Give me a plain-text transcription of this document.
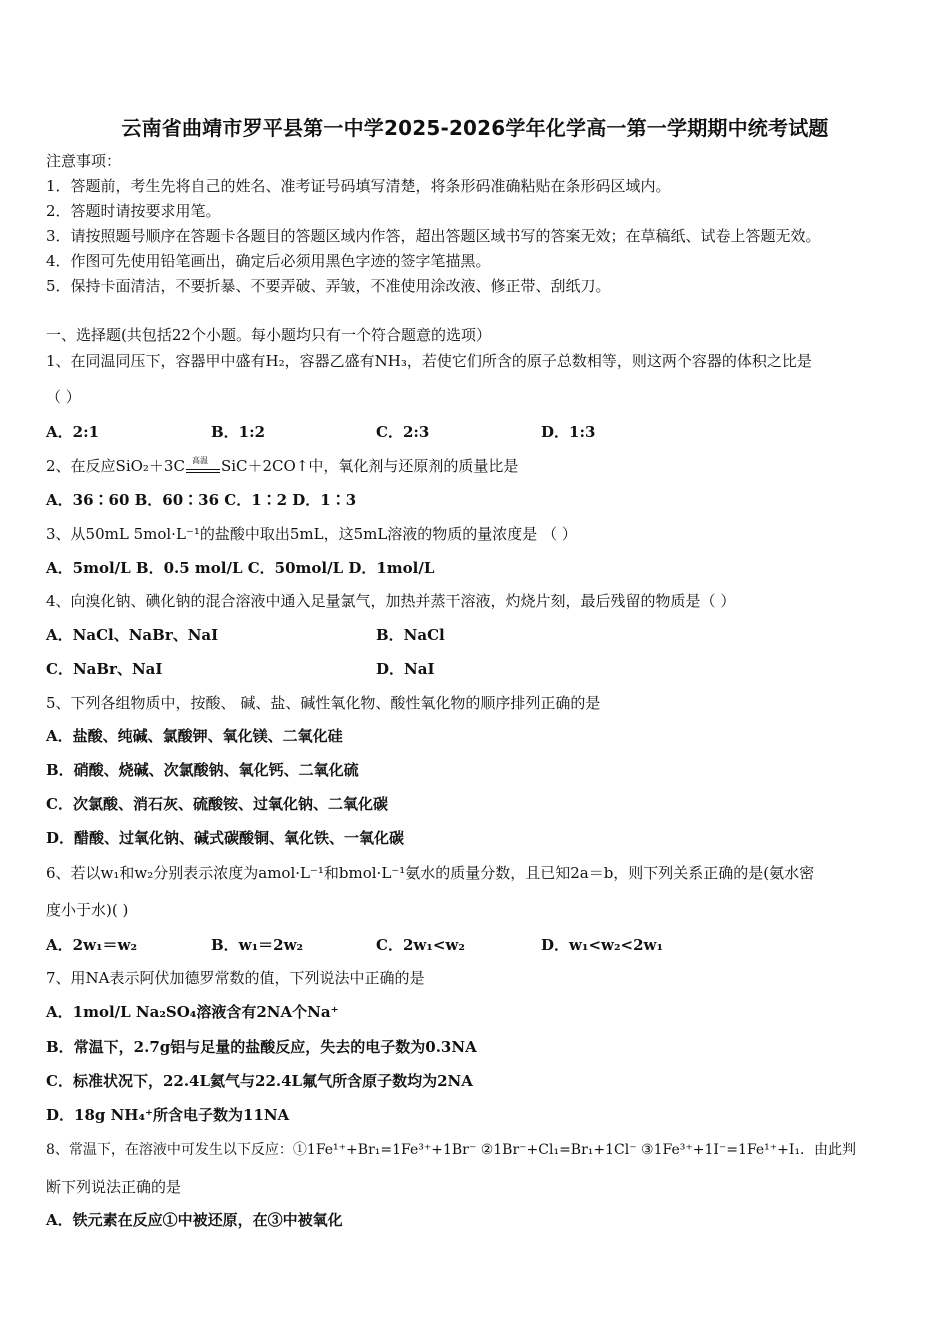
云南省曲靖市罗平县第一中学2025-2026学年化学高一第一学期期中统考试题
注意事项：
1．答题前，考生先将自己的姓名、准考证号码填写清楚，将条形码准确粘贴在条形码区域内。
2．答题时请按要求用笔。
3．请按照题号顺序在答题卡各题目的答题区域内作答，超出答题区域书写的答案无效；在草稿纸、试卷上答题无效。
4．作图可先使用铅笔画出，确定后必须用黑色字迹的签字笔描黑。
5．保持卡面清洁，不要折暴、不要弄破、弄皱，不准使用涂改液、修正带、刮纸刀。
一、选择题(共包括22个小题。每小题均只有一个符合题意的选项）
1、在同温同压下，容器甲中盛有H₂，容器乙盛有NH₃，若使它们所含的原子总数相等，则这两个容器的体积之比是
（ ）
A．2:1	B．1:2	C．2:3	D．1:3
2、在反应SiO₂＋3C 高温 SiC＋2CO↑中，氧化剂与还原剂的质量比是
A．36∶60 B．60∶36 C．1∶2 D．1∶3
3、从50mL 5mol·L⁻¹的盐酸中取出5mL，这5mL溶液的物质的量浓度是 （ ）
A．5mol/L B．0.5 mol/L C．50mol/L D．1mol/L
4、向溴化钠、碘化钠的混合溶液中通入足量氯气，加热并蒸干溶液，灼烧片刻，最后残留的物质是（ ）
A．NaCl、NaBr、NaI	B．NaCl
C．NaBr、NaI	D．NaI
5、下列各组物质中，按酸、 碱、盐、碱性氧化物、酸性氧化物的顺序排列正确的是
A．盐酸、纯碱、氯酸钾、氧化镁、二氧化硅
B．硝酸、烧碱、次氯酸钠、氧化钙、二氧化硫
C．次氯酸、消石灰、硫酸铵、过氧化钠、二氧化碳
D．醋酸、过氧化钠、碱式碳酸铜、氧化铁、一氧化碳
6、若以w₁和w₂分别表示浓度为amol·L⁻¹和bmol·L⁻¹氨水的质量分数，且已知2a＝b，则下列关系正确的是(氨水密
度小于水)( )
A．2w₁＝w₂	B．w₁＝2w₂	C．2w₁<w₂	D．w₁<w₂<2w₁
7、用NA表示阿伏加德罗常数的值，下列说法中正确的是
A．1mol/L Na₂SO₄溶液含有2NA个Na⁺
B．常温下，2.7g铝与足量的盐酸反应，失去的电子数为0.3NA
C．标准状况下，22.4L氦气与22.4L氟气所含原子数均为2NA
D．18g NH₄⁺所含电子数为11NA
8、常温下，在溶液中可发生以下反应：①1Fe¹⁺+Br₁=1Fe³⁺+1Br⁻ ②1Br⁻+Cl₁=Br₁+1Cl⁻ ③1Fe³⁺+1I⁻=1Fe¹⁺+I₁．由此判
断下列说法正确的是
A．铁元素在反应①中被还原，在③中被氧化
